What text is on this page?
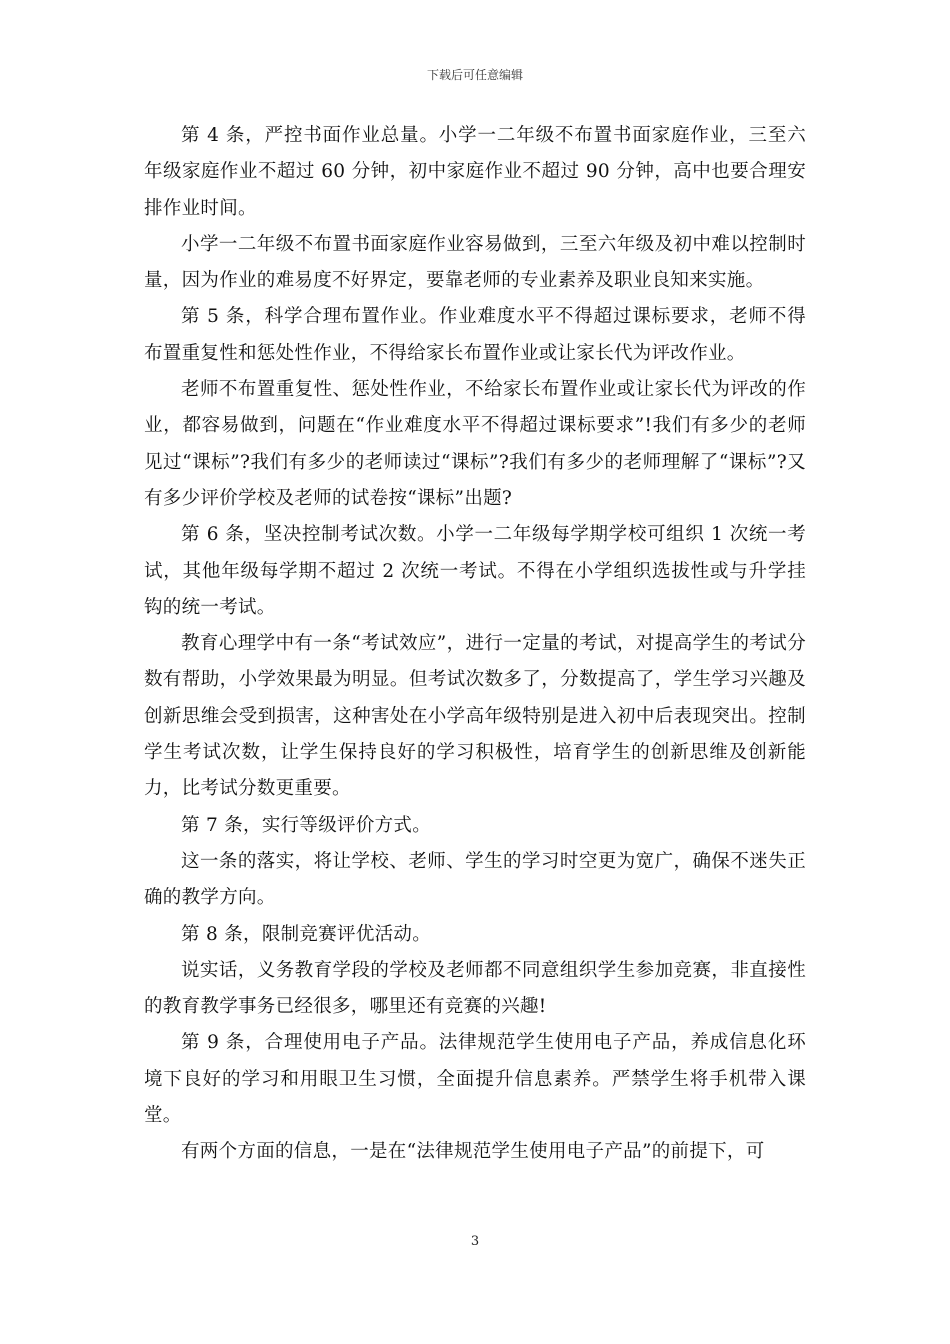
下载后可任意编辑

第 4 条，严控书面作业总量。小学一二年级不布置书面家庭作业，三至六年级家庭作业不超过 60 分钟，初中家庭作业不超过 90 分钟，高中也要合理安排作业时间。

小学一二年级不布置书面家庭作业容易做到，三至六年级及初中难以控制时量，因为作业的难易度不好界定，要靠老师的专业素养及职业良知来实施。

第 5 条，科学合理布置作业。作业难度水平不得超过课标要求，老师不得布置重复性和惩处性作业，不得给家长布置作业或让家长代为评改作业。

老师不布置重复性、惩处性作业，不给家长布置作业或让家长代为评改的作业，都容易做到，问题在“作业难度水平不得超过课标要求”!我们有多少的老师见过“课标”?我们有多少的老师读过“课标”?我们有多少的老师理解了“课标”?又有多少评价学校及老师的试卷按“课标”出题?

第 6 条，坚决控制考试次数。小学一二年级每学期学校可组织 1 次统一考试，其他年级每学期不超过 2 次统一考试。不得在小学组织选拔性或与升学挂钩的统一考试。

教育心理学中有一条“考试效应”，进行一定量的考试，对提高学生的考试分数有帮助，小学效果最为明显。但考试次数多了，分数提高了，学生学习兴趣及创新思维会受到损害，这种害处在小学高年级特别是进入初中后表现突出。控制学生考试次数，让学生保持良好的学习积极性，培育学生的创新思维及创新能力，比考试分数更重要。

第 7 条，实行等级评价方式。

这一条的落实，将让学校、老师、学生的学习时空更为宽广，确保不迷失正确的教学方向。

第 8 条，限制竞赛评优活动。

说实话，义务教育学段的学校及老师都不同意组织学生参加竞赛，非直接性的教育教学事务已经很多，哪里还有竞赛的兴趣!

第 9 条，合理使用电子产品。法律规范学生使用电子产品，养成信息化环境下良好的学习和用眼卫生习惯，全面提升信息素养。严禁学生将手机带入课堂。

有两个方面的信息，一是在“法律规范学生使用电子产品”的前提下，可

3
